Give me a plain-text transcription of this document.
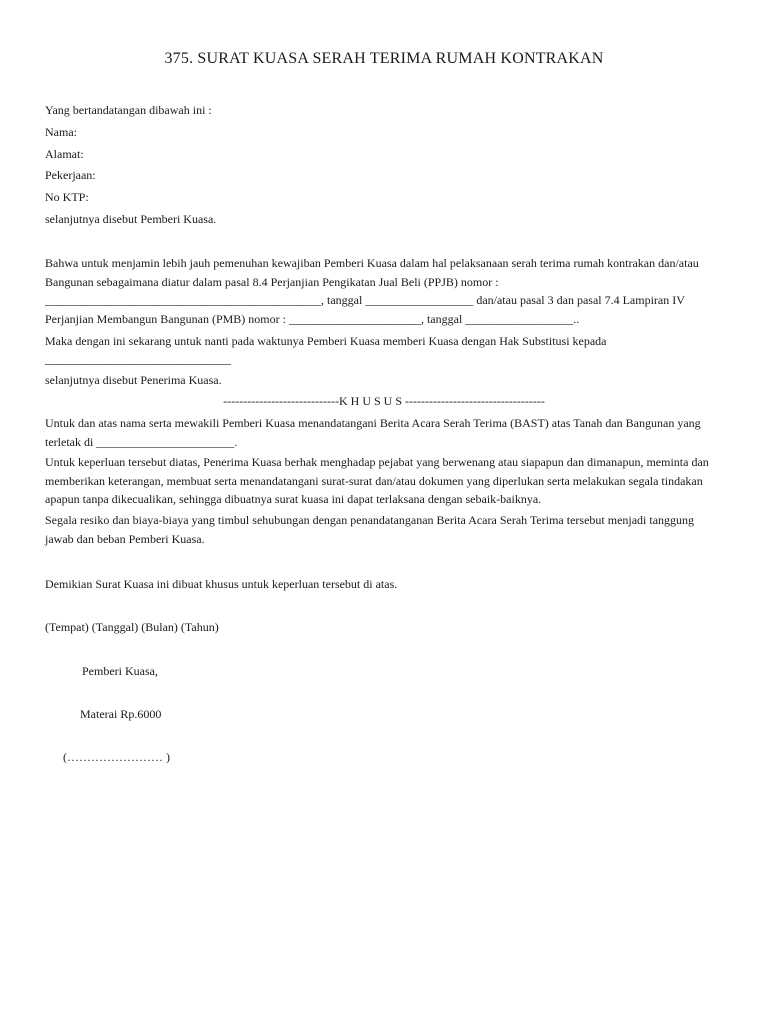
375. SURAT KUASA SERAH TERIMA RUMAH KONTRAKAN
Yang bertandatangan dibawah ini :
Nama:
Alamat:
Pekerjaan:
No KTP:
selanjutnya disebut Pemberi Kuasa.
Bahwa untuk menjamin lebih jauh pemenuhan kewajiban Pemberi Kuasa dalam hal pelaksanaan serah terima rumah kontrakan dan/atau Bangunan sebagaimana diatur dalam pasal 8.4 Perjanjian Pengikatan Jual Beli (PPJB) nomor : ______________________________________________, tanggal __________________ dan/atau pasal 3 dan pasal 7.4 Lampiran IV Perjanjian Membangun Bangunan (PMB) nomor : ______________________, tanggal __________________..
Maka dengan ini sekarang untuk nanti pada waktunya Pemberi Kuasa memberi Kuasa dengan Hak Substitusi kepada
_______________________________
selanjutnya disebut Penerima Kuasa.
-----------------------------K H U S U S -----------------------------------
Untuk dan atas nama serta mewakili Pemberi Kuasa menandatangani Berita Acara Serah Terima (BAST) atas Tanah dan Bangunan yang terletak di _______________________.
Untuk keperluan tersebut diatas, Penerima Kuasa berhak menghadap pejabat yang berwenang atau siapapun dan dimanapun, meminta dan memberikan keterangan, membuat serta menandatangani surat-surat dan/atau dokumen yang diperlukan serta melakukan segala tindakan apapun tanpa dikecualikan, sehingga dibuatnya surat kuasa ini dapat terlaksana dengan sebaik-baiknya.
Segala resiko dan biaya-biaya yang timbul sehubungan dengan penandatanganan Berita Acara Serah Terima tersebut menjadi tanggung jawab dan beban Pemberi Kuasa.
Demikian Surat Kuasa ini dibuat khusus untuk keperluan tersebut di atas.
(Tempat) (Tanggal) (Bulan) (Tahun)
Pemberi Kuasa,
Materai Rp.6000
(…………………… )
